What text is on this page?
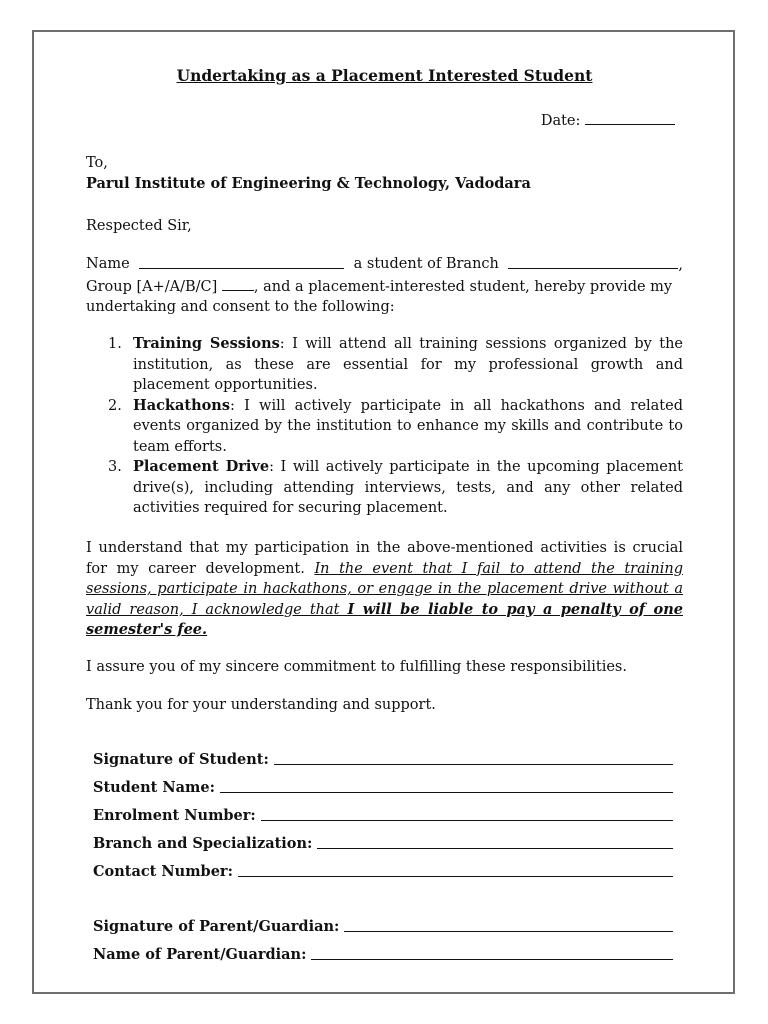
Undertaking as a Placement Interested Student
Date:
To,
Parul Institute of Engineering & Technology, Vadodara
Respected Sir,
Name	a student of Branch	,
Group [A+/A/B/C]	, and a placement-interested student, hereby provide my
undertaking and consent to the following:
1. Training Sessions: I will attend all training sessions organized by the institution, as these are essential for my professional growth and placement opportunities.
2. Hackathons: I will actively participate in all hackathons and related events organized by the institution to enhance my skills and contribute to team efforts.
3. Placement Drive: I will actively participate in the upcoming placement drive(s), including attending interviews, tests, and any other related activities required for securing placement.
I understand that my participation in the above-mentioned activities is crucial for my career development. In the event that I fail to attend the training sessions, participate in hackathons, or engage in the placement drive without a valid reason, I acknowledge that I will be liable to pay a penalty of one semester's fee.
I assure you of my sincere commitment to fulfilling these responsibilities.
Thank you for your understanding and support.
Signature of Student:
Student Name:
Enrolment Number:
Branch and Specialization:
Contact Number:
Signature of Parent/Guardian:
Name of Parent/Guardian:
